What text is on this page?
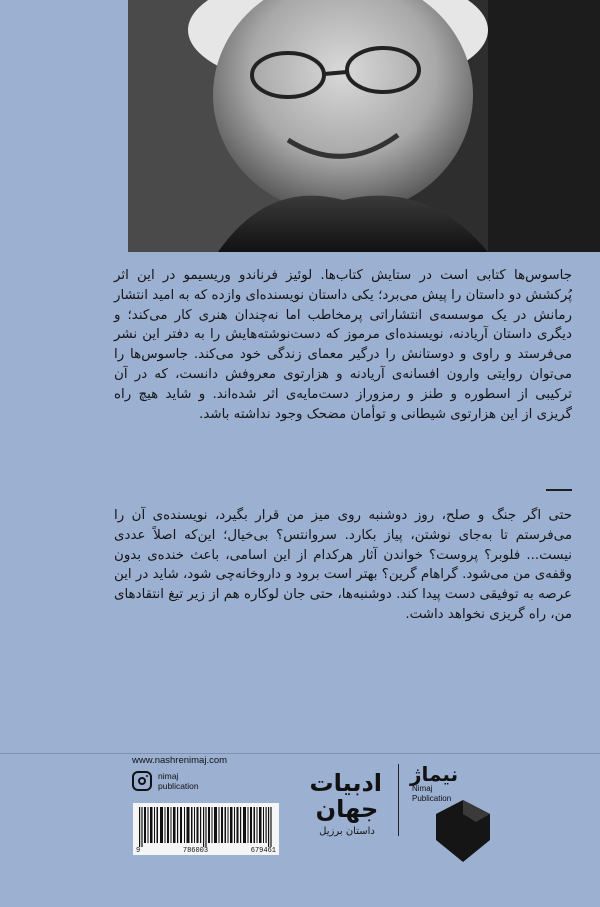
جاسوس‌ها کتابی است در ستایش کتاب‌ها. لوئیز فرناندو وریسیمو در این اثر پُرکشش دو داستان را پیش می‌برد؛ یکی داستان نویسنده‌ای وازده که به امید انتشار رمانش در یک موسسه‌ی انتشاراتی پرمخاطب اما نه‌چندان هنری کار می‌کند؛ و دیگری داستان آریادنه، نویسنده‌ای مرموز که دست‌نوشته‌هایش را به دفتر این نشر می‌فرستد و راوی و دوستانش را درگیر معمای زندگی خود می‌کند. جاسوس‌ها را می‌توان روایتی وارون افسانه‌ی آریادنه و هزارتوی معروفش دانست، که در آن ترکیبی از اسطوره و طنز و رمزوراز دست‌مایه‌ی اثر شده‌اند. و شاید هیچ راه گریزی از این هزارتوی شیطانی و توأمان مضحک وجود نداشته باشد.
حتی اگر جنگ و صلح، روز دوشنبه روی میز من قرار بگیرد، نویسنده‌ی آن را می‌فرستم تا به‌جای نوشتن، پیاز بکارد. سروانتس؟ بی‌خیال؛ این‌که اصلاً عددی نیست... فلوبر؟ پروست؟ خواندن آثار هرکدام از این اسامی، باعث خنده‌ی بدون وقفه‌ی من می‌شود. گراهام گرین؟ بهتر است برود و داروخانه‌چی شود، شاید در این عرصه به توفیقی دست پیدا کند. دوشنبه‌ها، حتی جان لوکاره هم از زیر تیغ انتقادهای من، راه گریزی نخواهد داشت.
www.nashrenimaj.com
nimaj
publication
9	786003	679461
ادبیات
جهان
داستان برزیل
نیماژ
Nimaj
Publication
